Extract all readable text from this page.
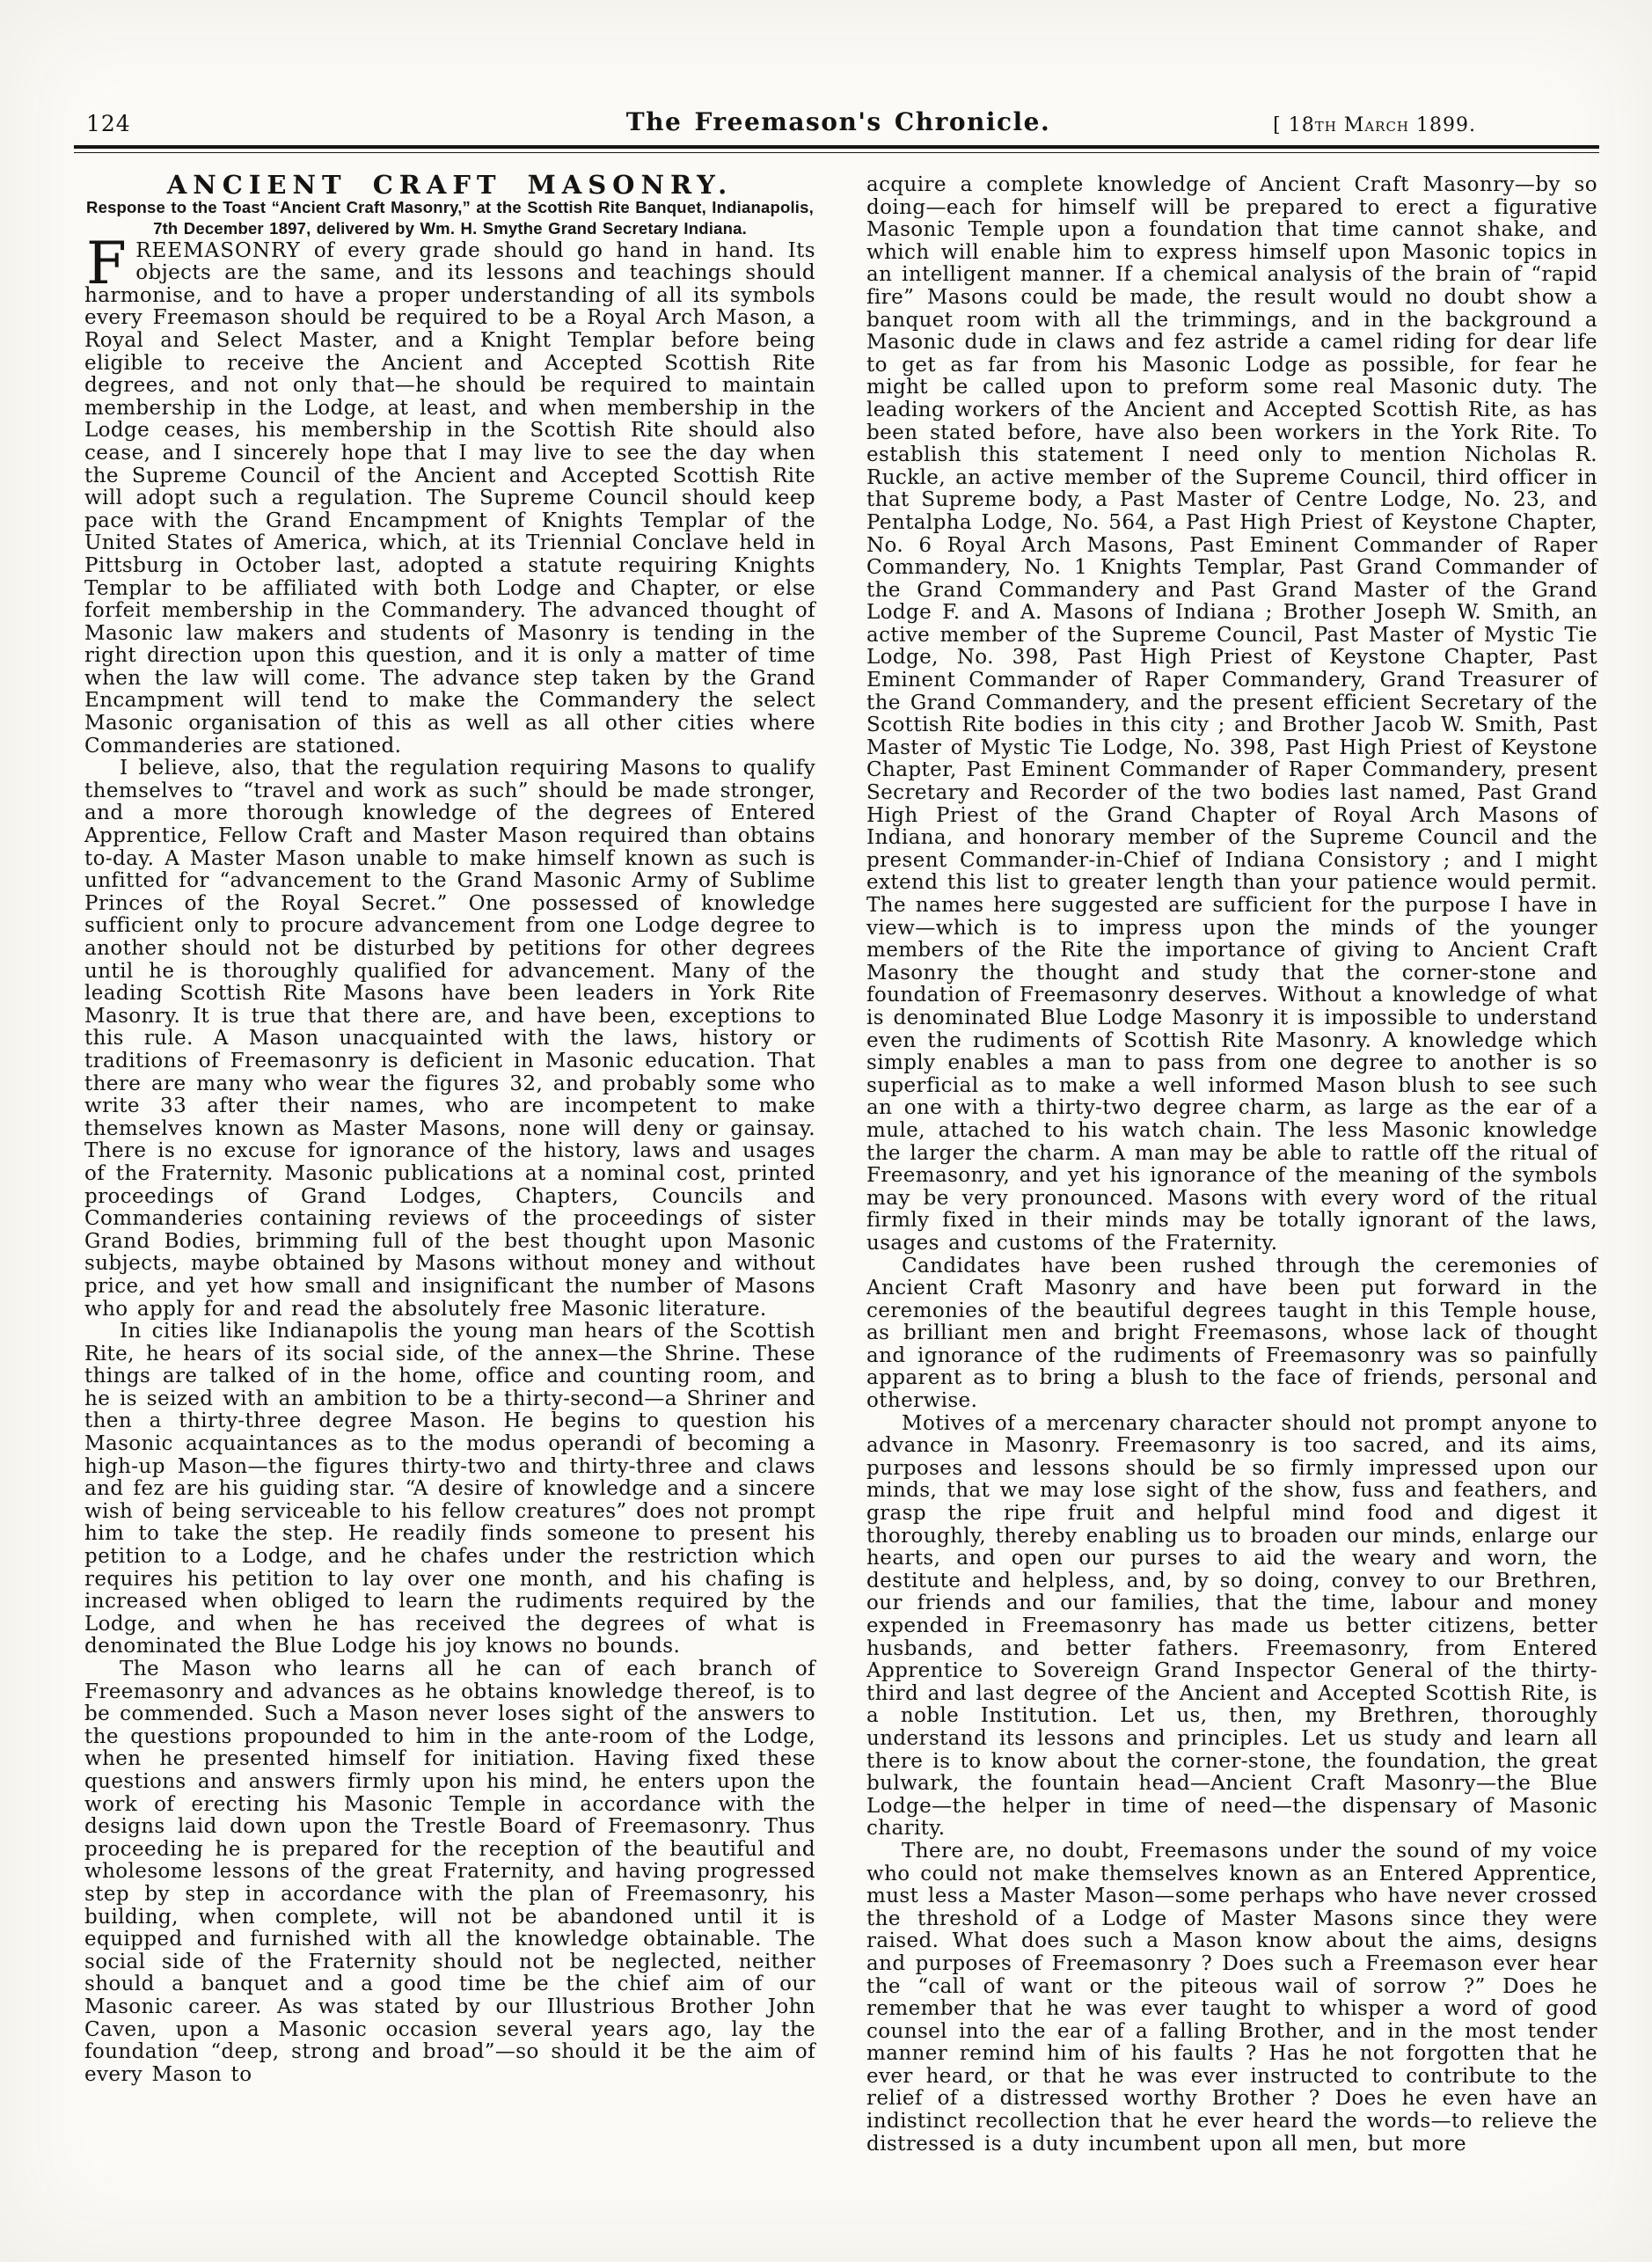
124	The Freemason's Chronicle.	[ 18th March 1899.

ANCIENT CRAFT MASONRY.

Response to the Toast “Ancient Craft Masonry,” at the Scottish Rite Banquet, Indianapolis, 7th December 1897, delivered by Wm. H. Smythe Grand Secretary Indiana.

FREEMASONRY of every grade should go hand in hand. Its objects are the same, and its lessons and teachings should harmonise, and to have a proper understanding of all its symbols every Freemason should be required to be a Royal Arch Mason, a Royal and Select Master, and a Knight Templar before being eligible to receive the Ancient and Accepted Scottish Rite degrees, and not only that—he should be required to maintain membership in the Lodge, at least, and when membership in the Lodge ceases, his membership in the Scottish Rite should also cease, and I sincerely hope that I may live to see the day when the Supreme Council of the Ancient and Accepted Scottish Rite will adopt such a regulation. The Supreme Council should keep pace with the Grand Encampment of Knights Templar of the United States of America, which, at its Triennial Conclave held in Pittsburg in October last, adopted a statute requiring Knights Templar to be affiliated with both Lodge and Chapter, or else forfeit membership in the Commandery. The advanced thought of Masonic law makers and students of Masonry is tending in the right direction upon this question, and it is only a matter of time when the law will come. The advance step taken by the Grand Encampment will tend to make the Commandery the select Masonic organisation of this as well as all other cities where Commanderies are stationed.

I believe, also, that the regulation requiring Masons to qualify themselves to “travel and work as such” should be made stronger, and a more thorough knowledge of the degrees of Entered Apprentice, Fellow Craft and Master Mason required than obtains to-day. A Master Mason unable to make himself known as such is unfitted for “advancement to the Grand Masonic Army of Sublime Princes of the Royal Secret.” One possessed of knowledge sufficient only to procure advancement from one Lodge degree to another should not be disturbed by petitions for other degrees until he is thoroughly qualified for advancement. Many of the leading Scottish Rite Masons have been leaders in York Rite Masonry. It is true that there are, and have been, exceptions to this rule. A Mason unacquainted with the laws, history or traditions of Freemasonry is deficient in Masonic education. That there are many who wear the figures 32, and probably some who write 33 after their names, who are incompetent to make themselves known as Master Masons, none will deny or gainsay. There is no excuse for ignorance of the history, laws and usages of the Fraternity. Masonic publications at a nominal cost, printed proceedings of Grand Lodges, Chapters, Councils and Commanderies containing reviews of the proceedings of sister Grand Bodies, brimming full of the best thought upon Masonic subjects, maybe obtained by Masons without money and without price, and yet how small and insignificant the number of Masons who apply for and read the absolutely free Masonic literature.

In cities like Indianapolis the young man hears of the Scottish Rite, he hears of its social side, of the annex—the Shrine. These things are talked of in the home, office and counting room, and he is seized with an ambition to be a thirty-second—a Shriner and then a thirty-three degree Mason. He begins to question his Masonic acquaintances as to the modus operandi of becoming a high-up Mason—the figures thirty-two and thirty-three and claws and fez are his guiding star. “A desire of knowledge and a sincere wish of being serviceable to his fellow creatures” does not prompt him to take the step. He readily finds someone to present his petition to a Lodge, and he chafes under the restriction which requires his petition to lay over one month, and his chafing is increased when obliged to learn the rudiments required by the Lodge, and when he has received the degrees of what is denominated the Blue Lodge his joy knows no bounds.

The Mason who learns all he can of each branch of Freemasonry and advances as he obtains knowledge thereof, is to be commended. Such a Mason never loses sight of the answers to the questions propounded to him in the ante-room of the Lodge, when he presented himself for initiation. Having fixed these questions and answers firmly upon his mind, he enters upon the work of erecting his Masonic Temple in accordance with the designs laid down upon the Trestle Board of Freemasonry. Thus proceeding he is prepared for the reception of the beautiful and wholesome lessons of the great Fraternity, and having progressed step by step in accordance with the plan of Freemasonry, his building, when complete, will not be abandoned until it is equipped and furnished with all the knowledge obtainable. The social side of the Fraternity should not be neglected, neither should a banquet and a good time be the chief aim of our Masonic career. As was stated by our Illustrious Brother John Caven, upon a Masonic occasion several years ago, lay the foundation “deep, strong and broad”—so should it be the aim of every Mason to

acquire a complete knowledge of Ancient Craft Masonry—by so doing—each for himself will be prepared to erect a figurative Masonic Temple upon a foundation that time cannot shake, and which will enable him to express himself upon Masonic topics in an intelligent manner. If a chemical analysis of the brain of “rapid fire” Masons could be made, the result would no doubt show a banquet room with all the trimmings, and in the background a Masonic dude in claws and fez astride a camel riding for dear life to get as far from his Masonic Lodge as possible, for fear he might be called upon to preform some real Masonic duty. The leading workers of the Ancient and Accepted Scottish Rite, as has been stated before, have also been workers in the York Rite. To establish this statement I need only to mention Nicholas R. Ruckle, an active member of the Supreme Council, third officer in that Supreme body, a Past Master of Centre Lodge, No. 23, and Pentalpha Lodge, No. 564, a Past High Priest of Keystone Chapter, No. 6 Royal Arch Masons, Past Eminent Commander of Raper Commandery, No. 1 Knights Templar, Past Grand Commander of the Grand Commandery and Past Grand Master of the Grand Lodge F. and A. Masons of Indiana ; Brother Joseph W. Smith, an active member of the Supreme Council, Past Master of Mystic Tie Lodge, No. 398, Past High Priest of Keystone Chapter, Past Eminent Commander of Raper Commandery, Grand Treasurer of the Grand Commandery, and the present efficient Secretary of the Scottish Rite bodies in this city ; and Brother Jacob W. Smith, Past Master of Mystic Tie Lodge, No. 398, Past High Priest of Keystone Chapter, Past Eminent Commander of Raper Commandery, present Secretary and Recorder of the two bodies last named, Past Grand High Priest of the Grand Chapter of Royal Arch Masons of Indiana, and honorary member of the Supreme Council and the present Commander-in-Chief of Indiana Consistory ; and I might extend this list to greater length than your patience would permit. The names here suggested are sufficient for the purpose I have in view—which is to impress upon the minds of the younger members of the Rite the importance of giving to Ancient Craft Masonry the thought and study that the corner-stone and foundation of Freemasonry deserves. Without a knowledge of what is denominated Blue Lodge Masonry it is impossible to understand even the rudiments of Scottish Rite Masonry. A knowledge which simply enables a man to pass from one degree to another is so superficial as to make a well informed Mason blush to see such an one with a thirty-two degree charm, as large as the ear of a mule, attached to his watch chain. The less Masonic knowledge the larger the charm. A man may be able to rattle off the ritual of Freemasonry, and yet his ignorance of the meaning of the symbols may be very pronounced. Masons with every word of the ritual firmly fixed in their minds may be totally ignorant of the laws, usages and customs of the Fraternity.

Candidates have been rushed through the ceremonies of Ancient Craft Masonry and have been put forward in the ceremonies of the beautiful degrees taught in this Temple house, as brilliant men and bright Freemasons, whose lack of thought and ignorance of the rudiments of Freemasonry was so painfully apparent as to bring a blush to the face of friends, personal and otherwise.

Motives of a mercenary character should not prompt anyone to advance in Masonry. Freemasonry is too sacred, and its aims, purposes and lessons should be so firmly impressed upon our minds, that we may lose sight of the show, fuss and feathers, and grasp the ripe fruit and helpful mind food and digest it thoroughly, thereby enabling us to broaden our minds, enlarge our hearts, and open our purses to aid the weary and worn, the destitute and helpless, and, by so doing, convey to our Brethren, our friends and our families, that the time, labour and money expended in Freemasonry has made us better citizens, better husbands, and better fathers. Freemasonry, from Entered Apprentice to Sovereign Grand Inspector General of the thirty-third and last degree of the Ancient and Accepted Scottish Rite, is a noble Institution. Let us, then, my Brethren, thoroughly understand its lessons and principles. Let us study and learn all there is to know about the corner-stone, the foundation, the great bulwark, the fountain head—Ancient Craft Masonry—the Blue Lodge—the helper in time of need—the dispensary of Masonic charity.

There are, no doubt, Freemasons under the sound of my voice who could not make themselves known as an Entered Apprentice, must less a Master Mason—some perhaps who have never crossed the threshold of a Lodge of Master Masons since they were raised. What does such a Mason know about the aims, designs and purposes of Freemasonry ? Does such a Freemason ever hear the “call of want or the piteous wail of sorrow ?” Does he remember that he was ever taught to whisper a word of good counsel into the ear of a falling Brother, and in the most tender manner remind him of his faults ? Has he not forgotten that he ever heard, or that he was ever instructed to contribute to the relief of a distressed worthy Brother ? Does he even have an indistinct recollection that he ever heard the words—to relieve the distressed is a duty incumbent upon all men, but more
